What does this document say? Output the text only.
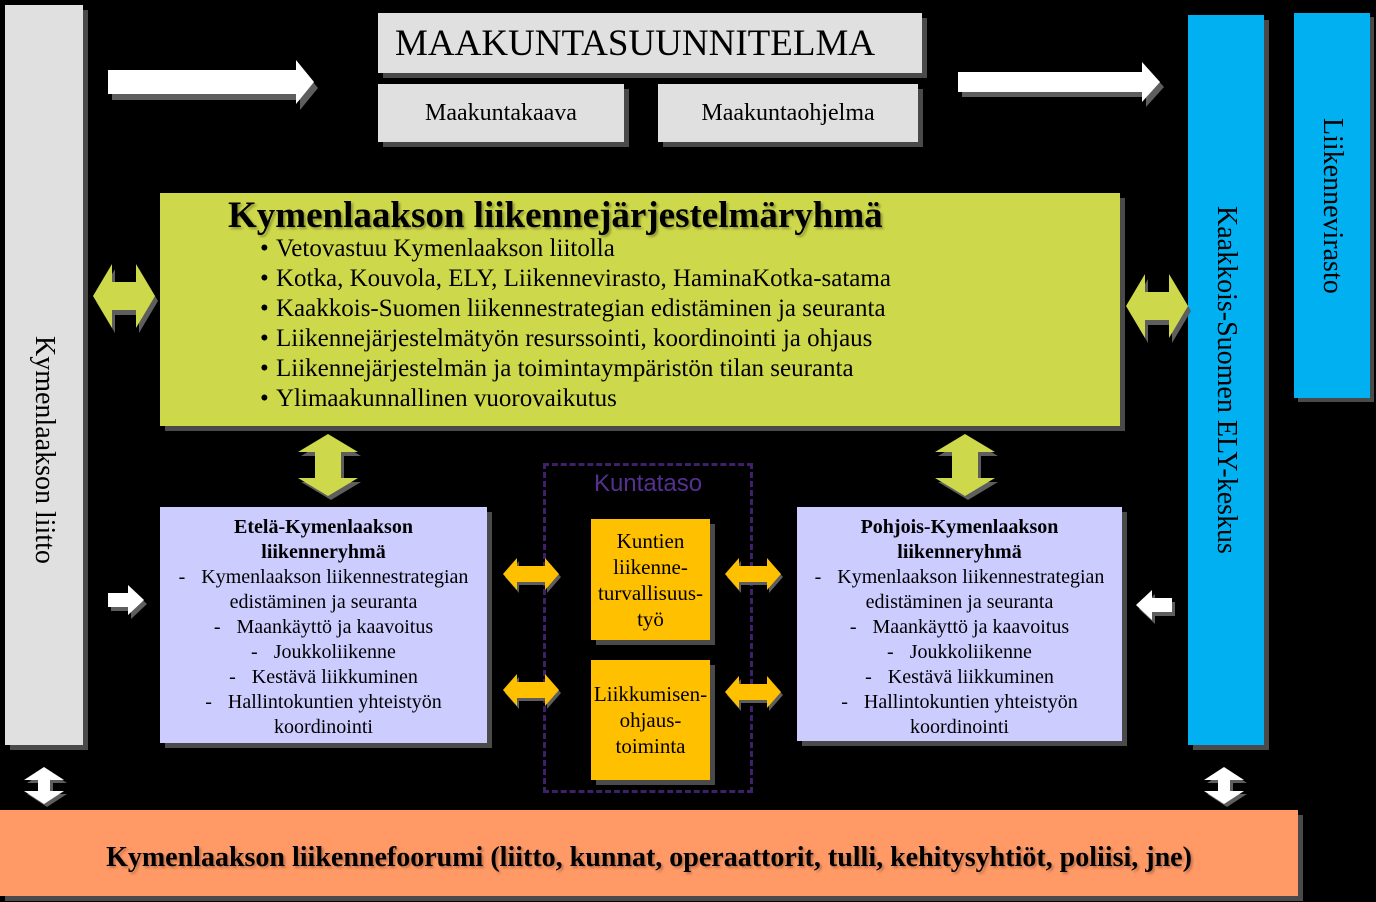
Kymenlaakson liitto
MAAKUNTASUUNNITELMA
Maakuntakaava	Maakuntaohjelma
Kaakkois-Suomen ELY-keskus
Liikennevirasto
Kymenlaakson liikennejärjestelmäryhmä
• Vetovastuu Kymenlaakson liitolla
• Kotka, Kouvola, ELY, Liikennevirasto, HaminaKotka-satama
• Kaakkois-Suomen liikennestrategian edistäminen ja seuranta
• Liikennejärjestelmätyön resurssointi, koordinointi ja ohjaus
• Liikennejärjestelmän ja toimintaympäristön tilan seuranta
• Ylimaakunnallinen vuorovaikutus
Etelä-Kymenlaakson liikenneryhmä
- Kymenlaakson liikennestrategian edistäminen ja seuranta
- Maankäyttö ja kaavoitus
- Joukkoliikenne
- Kestävä liikkuminen
- Hallintokuntien yhteistyön koordinointi
Pohjois-Kymenlaakson liikenneryhmä
- Kymenlaakson liikennestrategian edistäminen ja seuranta
- Maankäyttö ja kaavoitus
- Joukkoliikenne
- Kestävä liikkuminen
- Hallintokuntien yhteistyön koordinointi
Kuntataso
Kuntien liikenne-turvallisuus-työ
Liikkumisen-ohjaus-toiminta
Kymenlaakson liikennefoorumi (liitto, kunnat, operaattorit, tulli, kehitysyhtiöt, poliisi, jne)
